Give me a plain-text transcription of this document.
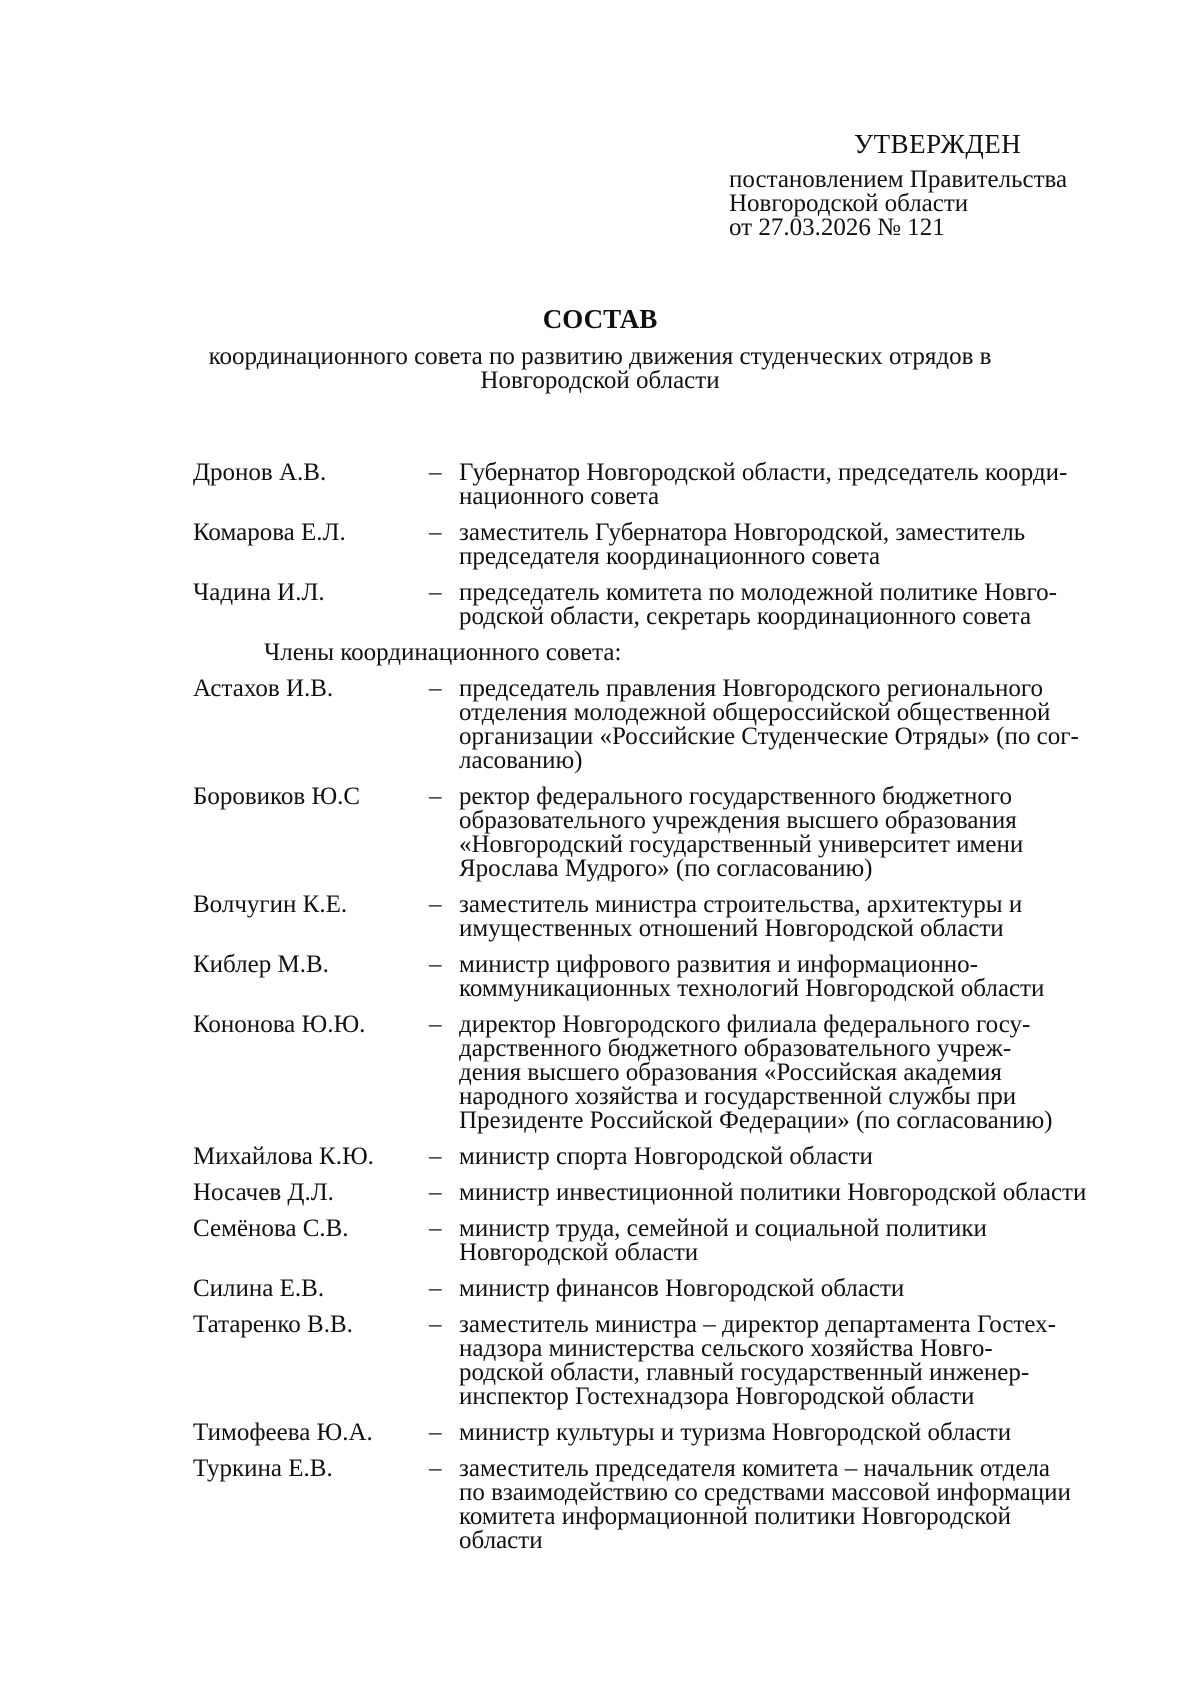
УТВЕРЖДЕН
постановлением Правительства
Новгородской области
от 27.03.2026 № 121
СОСТАВ
координационного совета по развитию движения студенческих отрядов в
Новгородской области
Дронов А.В.	– Губернатор Новгородской области, председатель коорди-
национного совета
Комарова Е.Л.	– заместитель Губернатора Новгородской, заместитель
председателя координационного совета
Чадина И.Л.	– председатель комитета по молодежной политике Новго-
родской области, секретарь координационного совета
Члены координационного совета:
Астахов И.В.	– председатель правления Новгородского регионального
отделения молодежной общероссийской общественной
организации «Российские Студенческие Отряды» (по сог-
ласованию)
Боровиков Ю.С	– ректор федерального государственного бюджетного
образовательного учреждения высшего образования
«Новгородский государственный университет имени
Ярослава Мудрого» (по согласованию)
Волчугин К.Е.	– заместитель министра строительства, архитектуры и
имущественных отношений Новгородской области
Киблер М.В.	– министр цифрового развития и информационно-
коммуникационных технологий Новгородской области
Кононова Ю.Ю.	– директор Новгородского филиала федерального госу-
дарственного бюджетного образовательного учреж-
дения высшего образования «Российская академия
народного хозяйства и государственной службы при
Президенте Российской Федерации» (по согласованию)
Михайлова К.Ю.	– министр спорта Новгородской области
Носачев Д.Л.	– министр инвестиционной политики Новгородской области
Семёнова С.В.	– министр труда, семейной и социальной политики
Новгородской области
Силина Е.В.	– министр финансов Новгородской области
Татаренко В.В.	– заместитель министра – директор департамента Гостех-
надзора министерства сельского хозяйства Новго-
родской области, главный государственный инженер-
инспектор Гостехнадзора Новгородской области
Тимофеева Ю.А.	– министр культуры и туризма Новгородской области
Туркина Е.В.	– заместитель председателя комитета – начальник отдела
по взаимодействию со средствами массовой информации
комитета информационной политики Новгородской
области
